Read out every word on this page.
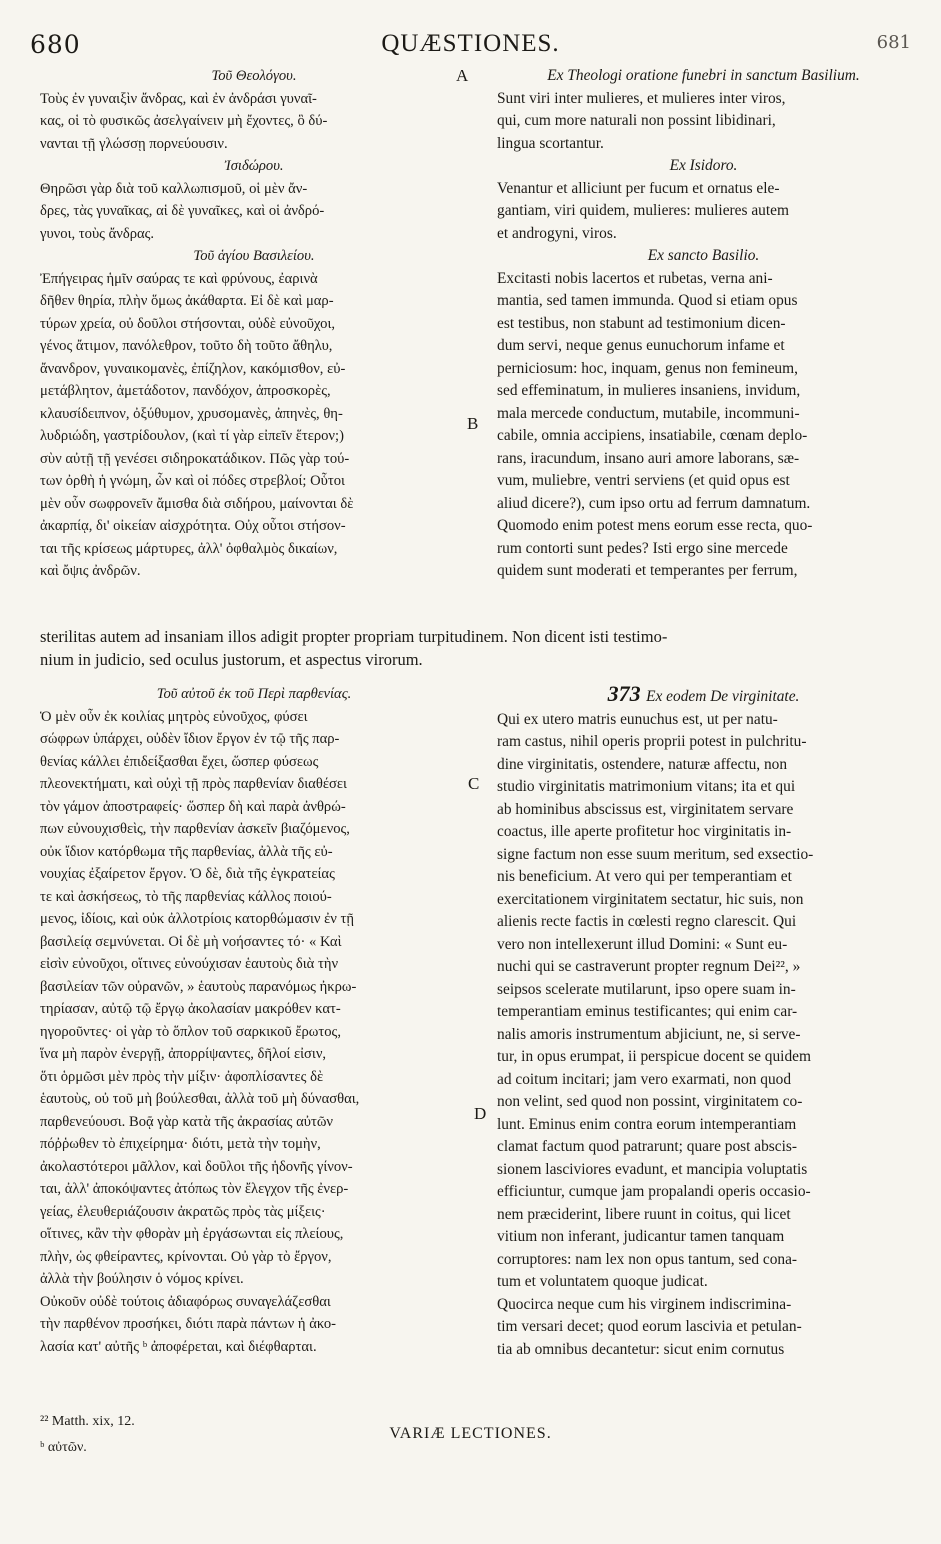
680	QUÆSTIONES.	681
Τοῦ Θεολόγου.
Τοὺς ἐν γυναιξὶν ἄνδρας, καὶ ἐν ἀνδράσι γυναῖ-
κας, οἱ τὸ φυσικῶς ἀσελγαίνειν μὴ ἔχοντες, ὃ δύ-
νανται τῇ γλώσσῃ πορνεύουσιν.
Ἰσιδώρου.
Θηρῶσι γὰρ διὰ τοῦ καλλωπισμοῦ, οἱ μὲν ἄν-
δρες, τὰς γυναῖκας, αἱ δὲ γυναῖκες, καὶ οἱ ἀνδρό-
γυνοι, τοὺς ἄνδρας.
Τοῦ ἁγίου Βασιλείου.
Ἐπήγειρας ἡμῖν σαύρας τε καὶ φρύνους, ἐαρινὰ
δῆθεν θηρία, πλὴν ὅμως ἀκάθαρτα. Εἰ δὲ καὶ μαρ-
τύρων χρεία, οὐ δοῦλοι στήσονται, οὐδὲ εὐνοῦχοι,
γένος ἄτιμον, πανόλεθρον, τοῦτο δὴ τοῦτο ἄθηλυ,
ἄνανδρον, γυναικομανὲς, ἐπίζηλον, κακόμισθον, εὐ-
μετάβλητον, ἀμετάδοτον, πανδόχον, ἀπροσκορὲς,
κλαυσίδειπνον, ὀξύθυμον, χρυσομανὲς, ἀπηνὲς, θη-
λυδριώδη, γαστρίδουλον, (καὶ τί γὰρ εἰπεῖν ἕτερον;)
σὺν αὐτῇ τῇ γενέσει σιδηροκατάδικον. Πῶς γὰρ τού-
των ὀρθὴ ἡ γνώμη, ὧν καὶ οἱ πόδες στρεβλοί; Οὗτοι
μὲν οὖν σωφρονεῖν ἄμισθα διὰ σιδήρου, μαίνονται δὲ
ἀκαρπίᾳ, δι' οἰκείαν αἰσχρότητα. Οὐχ οὗτοι στήσον-
ται τῆς κρίσεως μάρτυρες, ἀλλ' ὀφθαλμὸς δικαίων,
καὶ ὄψις ἀνδρῶν.
Ex Theologi oratione funebri in sanctum Basilium.
Sunt viri inter mulieres, et mulieres inter viros,
qui, cum more naturali non possint libidinari,
lingua scortantur.
Ex Isidoro.
Venantur et alliciunt per fucum et ornatus ele-
gantiam, viri quidem, mulieres: mulieres autem
et androgyni, viros.
Ex sancto Basilio.
Excitasti nobis lacertos et rubetas, verna ani-
mantia, sed tamen immunda. Quod si etiam opus
est testibus, non stabunt ad testimonium dicen-
dum servi, neque genus eunuchorum infame et
perniciosum: hoc, inquam, genus non femineum,
sed effeminatum, in mulieres insaniens, invidum,
mala mercede conductum, mutabile, incommuni-
cabile, omnia accipiens, insatiabile, cœnam deplo-
rans, iracundum, insano auri amore laborans, sæ-
vum, muliebre, ventri serviens (et quid opus est
aliud dicere?), cum ipso ortu ad ferrum damnatum.
Quomodo enim potest mens eorum esse recta, quo-
rum contorti sunt pedes? Isti ergo sine mercede
quidem sunt moderati et temperantes per ferrum,
A
B
sterilitas autem ad insaniam illos adigit propter propriam turpitudinem. Non dicent isti testimo-
nium in judicio, sed oculus justorum, et aspectus virorum.
Τοῦ αὐτοῦ ἐκ τοῦ Περὶ παρθενίας.
Ὁ μὲν οὖν ἐκ κοιλίας μητρὸς εὐνοῦχος, φύσει
σώφρων ὑπάρχει, οὐδὲν ἴδιον ἔργον ἐν τῷ τῆς παρ-
θενίας κάλλει ἐπιδείξασθαι ἔχει, ὥσπερ φύσεως
πλεονεκτήματι, καὶ οὐχὶ τῇ πρὸς παρθενίαν διαθέσει
τὸν γάμον ἀποστραφείς· ὥσπερ δὴ καὶ παρὰ ἀνθρώ-
πων εὐνουχισθεὶς, τὴν παρθενίαν ἀσκεῖν βιαζόμενος,
οὐκ ἴδιον κατόρθωμα τῆς παρθενίας, ἀλλὰ τῆς εὐ-
νουχίας ἐξαίρετον ἔργον. Ὁ δὲ, διὰ τῆς ἐγκρατείας
τε καὶ ἀσκήσεως, τὸ τῆς παρθενίας κάλλος ποιού-
μενος, ἰδίοις, καὶ οὐκ ἀλλοτρίοις κατορθώμασιν ἐν τῇ
βασιλείᾳ σεμνύνεται. Οἱ δὲ μὴ νοήσαντες τό· « Καὶ
εἰσὶν εὐνοῦχοι, οἵτινες εὐνούχισαν ἑαυτοὺς διὰ τὴν
βασιλείαν τῶν οὐρανῶν, » ἑαυτοὺς παρανόμως ἠκρω-
τηρίασαν, αὐτῷ τῷ ἔργῳ ἀκολασίαν μακρόθεν κατ-
ηγοροῦντες· οἱ γὰρ τὸ ὅπλον τοῦ σαρκικοῦ ἔρωτος,
ἵνα μὴ παρὸν ἐνεργῇ, ἀπορρίψαντες, δῆλοί εἰσιν,
ὅτι ὁρμῶσι μὲν πρὸς τὴν μίξιν· ἀφοπλίσαντες δὲ
ἑαυτοὺς, οὐ τοῦ μὴ βούλεσθαι, ἀλλὰ τοῦ μὴ δύνασθαι,
παρθενεύουσι. Βοᾷ γὰρ κατὰ τῆς ἀκρασίας αὐτῶν
πόῤῥωθεν τὸ ἐπιχείρημα· διότι, μετὰ τὴν τομὴν,
ἀκολαστότεροι μᾶλλον, καὶ δοῦλοι τῆς ἡδονῆς γίνον-
ται, ἀλλ' ἀποκόψαντες ἀτόπως τὸν ἔλεγχον τῆς ἐνερ-
γείας, ἐλευθεριάζουσιν ἀκρατῶς πρὸς τὰς μίξεις·
οἵτινες, κἂν τὴν φθορὰν μὴ ἐργάσωνται εἰς πλείους,
πλὴν, ὡς φθείραντες, κρίνονται. Οὐ γὰρ τὸ ἔργον,
ἀλλὰ τὴν βούλησιν ὁ νόμος κρίνει.
Οὐκοῦν οὐδὲ τούτοις ἀδιαφόρως συναγελάζεσθαι
τὴν παρθένον προσήκει, διότι παρὰ πάντων ἡ ἀκο-
λασία κατ' αὐτῆς ᵇ ἀποφέρεται, καὶ διέφθαρται.
373 Ex eodem De virginitate.
Qui ex utero matris eunuchus est, ut per natu-
ram castus, nihil operis proprii potest in pulchritu-
dine virginitatis, ostendere, naturæ affectu, non
studio virginitatis matrimonium vitans; ita et qui
ab hominibus abscissus est, virginitatem servare
coactus, ille aperte profitetur hoc virginitatis in-
signe factum non esse suum meritum, sed exsectio-
nis beneficium. At vero qui per temperantiam et
exercitationem virginitatem sectatur, hic suis, non
alienis recte factis in cœlesti regno clarescit. Qui
vero non intellexerunt illud Domini: « Sunt eu-
nuchi qui se castraverunt propter regnum Dei²², »
seipsos scelerate mutilarunt, ipso opere suam in-
temperantiam eminus testificantes; qui enim car-
nalis amoris instrumentum abjiciunt, ne, si serve-
tur, in opus erumpat, ii perspicue docent se quidem
ad coitum incitari; jam vero exarmati, non quod
non velint, sed quod non possint, virginitatem co-
lunt. Eminus enim contra eorum intemperantiam
clamat factum quod patrarunt; quare post abscis-
sionem lasciviores evadunt, et mancipia voluptatis
efficiuntur, cumque jam propalandi operis occasio-
nem præciderint, libere ruunt in coitus, qui licet
vitium non inferant, judicantur tamen tanquam
corruptores: nam lex non opus tantum, sed cona-
tum et voluntatem quoque judicat.
Quocirca neque cum his virginem indiscrimina-
tim versari decet; quod eorum lascivia et petulan-
tia ab omnibus decantetur: sicut enim cornutus
C
D
²² Matth. xix, 12.
ᵇ αὐτῶν.
VARIÆ LECTIONES.
